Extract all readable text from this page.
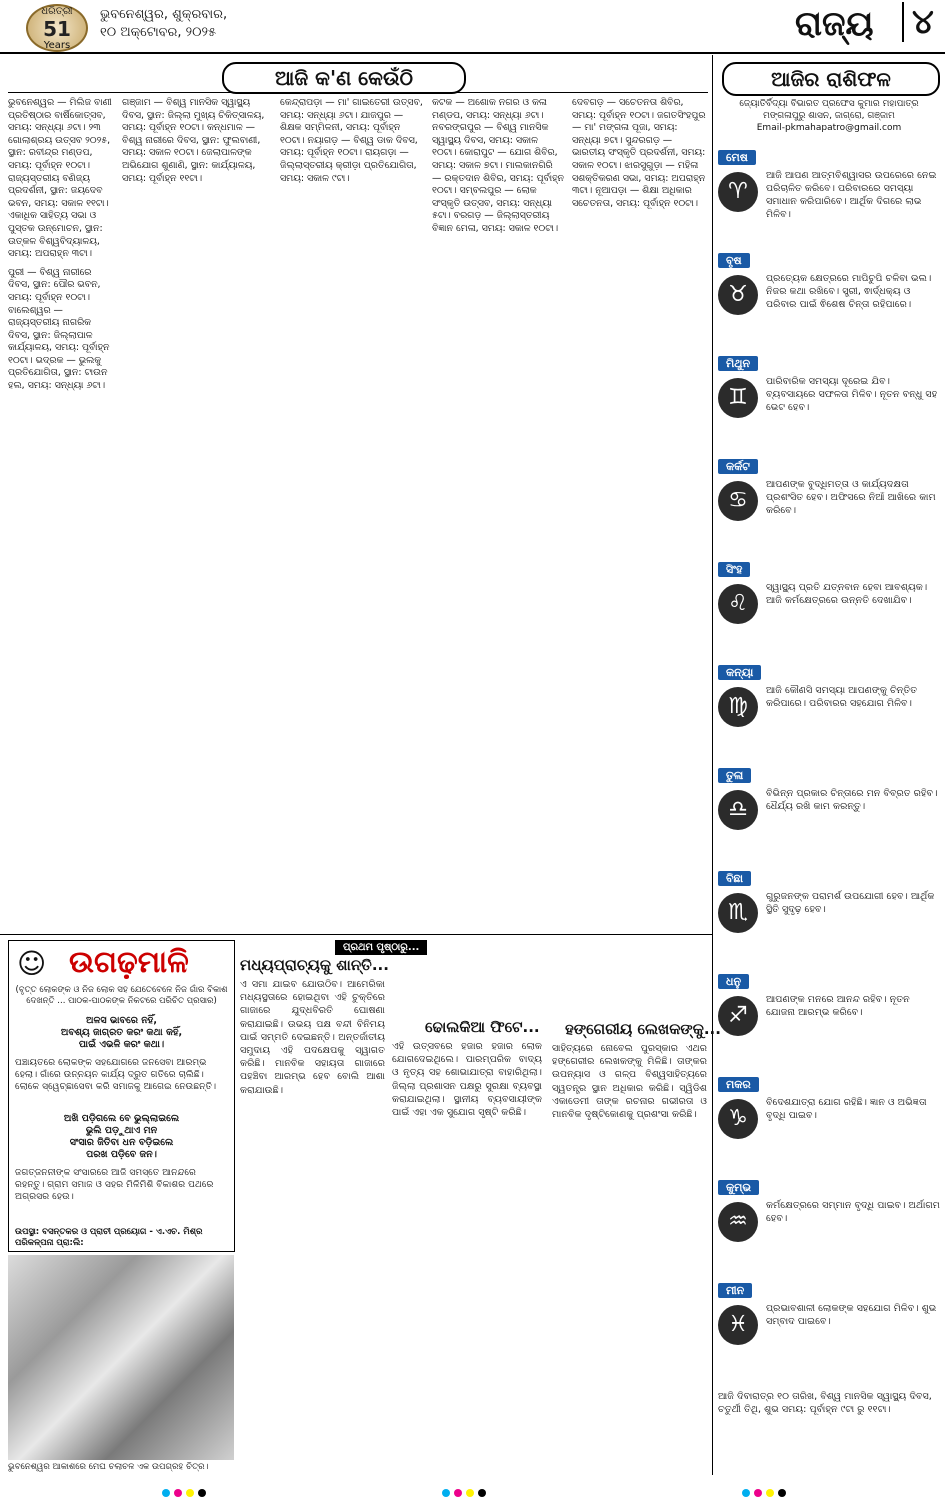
ଧରିତ୍ରୀ
51
Years
ଭୁବନେଶ୍ୱର, ଶୁକ୍ରବାର,
୧୦ ଅକ୍ଟୋବର, ୨୦୨୫	ରାଜ୍ୟ ୪
ଆଜି କ'ଣ କେଉଁଠି

ଭୁବନେଶ୍ୱର — ମିଲିଜ ବାଣୀ ପ୍ରତିଷ୍ଠାର ବାର୍ଷିକୋତ୍ସବ, ସମୟ: ସନ୍ଧ୍ୟା ୬ଟା। ୨୩ ଗୋଲାଶ୍ରୟ ଉତ୍ସବ ୨୦୨୫, ସ୍ଥାନ: ରବୀନ୍ଦ୍ର ମଣ୍ଡପ, ସମୟ: ପୂର୍ବାହ୍ନ ୧୦ଟା। ରାଜ୍ୟସ୍ତରୀୟ ବଣିଜ୍ୟ ପ୍ରଦର୍ଶନୀ, ସ୍ଥାନ: ଜୟଦେବ ଭବନ, ସମୟ: ସକାଳ ୧୧ଟା। ଏକାଧିକ ସାହିତ୍ୟ ସଭା ଓ ପୁସ୍ତକ ଉନ୍ମୋଚନ, ସ୍ଥାନ: ଉତ୍କଳ ବିଶ୍ୱବିଦ୍ୟାଳୟ, ସମୟ: ଅପରାହ୍ନ ୩ଟା।

ପୁରୀ — ବିଶ୍ୱ ନାରୀରେ ଦିବସ, ସ୍ଥାନ: ପୌର ଭବନ, ସମୟ: ପୂର୍ବାହ୍ନ ୧୦ଟା। ବାଲେଶ୍ୱର — ରାଜ୍ୟସ୍ତରୀୟ ନାଗରିକ ଦିବସ, ସ୍ଥାନ: ଜିଲ୍ଲାପାଳ କାର୍ଯ୍ୟାଳୟ, ସମୟ: ପୂର୍ବାହ୍ନ ୧୦ଟା। ଭଦ୍ରକ — ଭୁଲକୁ ପ୍ରତିଯୋଗିତା, ସ୍ଥାନ: ଟାଉନ ହଲ, ସମୟ: ସନ୍ଧ୍ୟା ୬ଟା।

ଗଞ୍ଜାମ — ବିଶ୍ୱ ମାନସିକ ସ୍ୱାସ୍ଥ୍ୟ ଦିବସ, ସ୍ଥାନ: ଜିଲ୍ଲା ମୁଖ୍ୟ ଚିକିତ୍ସାଳୟ, ସମୟ: ପୂର୍ବାହ୍ନ ୧୦ଟା। କନ୍ଧମାଳ — ବିଶ୍ୱ ନାରୀରେ ଦିବସ, ସ୍ଥାନ: ଫୁଲବାଣୀ, ସମୟ: ସକାଳ ୧୦ଟା। ଜେଲାପାଳଙ୍କ ଅଭିଯୋଗ ଶୁଣାଣି, ସ୍ଥାନ: କାର୍ଯ୍ୟାଳୟ, ସମୟ: ପୂର୍ବାହ୍ନ ୧୧ଟା।

କେନ୍ଦ୍ରାପଡ଼ା — ମା' ଗାଇତେରୀ ଉତ୍ସବ, ସମୟ: ସନ୍ଧ୍ୟା ୬ଟା। ଯାଜପୁର — ଶିକ୍ଷକ ସମ୍ମିଳନୀ, ସମୟ: ପୂର୍ବାହ୍ନ ୧୦ଟା। ନୟାଗଡ଼ — ବିଶ୍ୱ ଡାକ ଦିବସ, ସମୟ: ପୂର୍ବାହ୍ନ ୧୦ଟା। ରାୟଗଡ଼ା — ଜିଲ୍ଲାସ୍ତରୀୟ କ୍ରୀଡ଼ା ପ୍ରତିଯୋଗିତା, ସମୟ: ସକାଳ ୯ଟା।

କଟକ — ଅଶୋକ ନଗର ଓ କଳା ମଣ୍ଡପ, ସମୟ: ସନ୍ଧ୍ୟା ୬ଟା। ନବରଙ୍ଗପୁର — ବିଶ୍ୱ ମାନସିକ ସ୍ୱାସ୍ଥ୍ୟ ଦିବସ, ସମୟ: ସକାଳ ୧୦ଟା। କୋରାପୁଟ — ଯୋଗ ଶିବିର, ସମୟ: ସକାଳ ୭ଟା। ମାଲକାନଗିରି — ରକ୍ତଦାନ ଶିବିର, ସମୟ: ପୂର୍ବାହ୍ନ ୧୦ଟା। ସମ୍ବଲପୁର — ଲୋକ ସଂସ୍କୃତି ଉତ୍ସବ, ସମୟ: ସନ୍ଧ୍ୟା ୫ଟା। ବରଗଡ଼ — ଜିଲ୍ଲାସ୍ତରୀୟ ବିଜ୍ଞାନ ମେଳା, ସମୟ: ସକାଳ ୧୦ଟା।

ଦେବଗଡ଼ — ସଚେତନତା ଶିବିର, ସମୟ: ପୂର୍ବାହ୍ନ ୧୦ଟା। ଜଗତସିଂହପୁର — ମା' ମଙ୍ଗଳା ପୂଜା, ସମୟ: ସନ୍ଧ୍ୟା ୭ଟା। ସୁନ୍ଦରଗଡ଼ — ଭାରତୀୟ ସଂସ୍କୃତି ପ୍ରଦର୍ଶନୀ, ସମୟ: ସକାଳ ୧୦ଟା। ଝାରସୁଗୁଡ଼ା — ମହିଳା ସଶକ୍ତିକରଣ ସଭା, ସମୟ: ଅପରାହ୍ନ ୩ଟା। ନୂଆପଡ଼ା — ଶିକ୍ଷା ଅଧିକାର ସଚେତନତା, ସମୟ: ପୂର୍ବାହ୍ନ ୧୦ଟା।

ଆଜିର ରାଶିଫଳ
ଜ୍ୟୋତିର୍ବିଦ୍ୟା ବିଭାରତ ପ୍ରଫେସ କୁମାର ମହାପାତ୍ର
ମଙ୍ଗଳାପୁରୁ ଶାସନ, ଜାଗ୍ରୋ, ଗଞ୍ଜାମ
Email-pkmahapatro@gmail.com
ମେଷ
♈
ଆଜି ଆପଣ ଆତ୍ମବିଶ୍ୱାସର ଉପରେରେ ନେଇ ପରିଚାଳିତ କରିବେ। ପରିବାରରେ ସମସ୍ୟା ସମାଧାନ କରିପାରିବେ। ଆର୍ଥିକ ଦିଗରେ ଲାଭ ମିଳିବ।
ବୃଷ
♉
ପ୍ରତ୍ୟେକ କ୍ଷେତ୍ରରେ ମାପିଚୁପି ଚଳିବା ଭଲ। ନିଜର କଥା ରଖିବେ। ସ୍ତ୍ରୀ, ଵାର୍ଦ୍ଧକ୍ୟ ଓ ପରିବାର ପାଇଁ ଵିଶେଷ ଚିନ୍ତା ରହିପାରେ।
ମିଥୁନ
♊
ପାରିବାରିକ ସମସ୍ୟା ଦୂରେଇ ଯିବ। ବ୍ୟବସାୟରେ ସଫଳତା ମିଳିବ। ନୂତନ ବନ୍ଧୁ ସହ ଭେଟ ହେବ।
କର୍କଟ
♋
ଆପଣଙ୍କ ବୁଦ୍ଧିମତ୍ତା ଓ କାର୍ଯ୍ୟଦକ୍ଷତା ପ୍ରଶଂସିତ ହେବ। ଅଫିସରେ ନିଆଁ ଆଖିରେ କାମ କରିବେ।
ସିଂହ
♌
ସ୍ୱାସ୍ଥ୍ୟ ପ୍ରତି ଯତ୍ନବାନ ହେବା ଆବଶ୍ୟକ। ଆଜି କର୍ମକ୍ଷେତ୍ରରେ ଉନ୍ନତି ଦେଖାଯିବ।
କନ୍ୟା
♍
ଆଜି କୌଣସି ସମସ୍ୟା ଆପଣଙ୍କୁ ଚିନ୍ତିତ କରିପାରେ। ପରିବାରର ସହଯୋଗ ମିଳିବ।
ତୁଳା
♎
ବିଭିନ୍ନ ପ୍ରକାର ଚିନ୍ତାରେ ମନ ବିବ୍ରତ ରହିବ। ଧୈର୍ଯ୍ୟ ରଖି କାମ କରନ୍ତୁ।
ବିଛା
♏
ଗୁରୁଜନଙ୍କ ପରାମର୍ଶ ଉପଯୋଗୀ ହେବ। ଆର୍ଥିକ ସ୍ଥିତି ସୁଦୃଢ଼ ହେବ।
ଧନୁ
♐
ଆପଣଙ୍କ ମନରେ ଆନନ୍ଦ ରହିବ। ନୂତନ ଯୋଜନା ଆରମ୍ଭ କରିବେ।
ମକର
♑
ବିଦେଶଯାତ୍ରା ଯୋଗ ରହିଛି। ଜ୍ଞାନ ଓ ଅଭିଜ୍ଞତା ବୃଦ୍ଧି ପାଇବ।
କୁମ୍ଭ
♒
କର୍ମକ୍ଷେତ୍ରରେ ସମ୍ମାନ ବୃଦ୍ଧି ପାଇବ। ଅର୍ଥାଗମ ହେବ।
ମୀନ
♓
ପ୍ରଭାବଶାଳୀ ଲୋକଙ୍କ ସହଯୋଗ ମିଳିବ। ଶୁଭ ସମ୍ବାଦ ପାଇବେ।
ଆଜି ଦିବାରାତ୍ର ୧୦ ତାରିଖ, ବିଶ୍ୱ ମାନସିକ ସ୍ୱାସ୍ଥ୍ୟ ଦିବସ, ଚତୁର୍ଥୀ ତିଥି, ଶୁଭ ସମୟ: ପୂର୍ବାହ୍ନ ୯ଟା ରୁ ୧୧ଟା।
ଉଗଢ଼ମାଳି
☺
(ବୃତ୍ତ ଲୋକଙ୍କ ଓ ନିଜ ଲୋକ ସହ ଯେତେବେଳେ ନିଜ ଗାଁର ବିକାଶ ଦେଖନ୍ତି ... ପାଠକ-ପାଠକଙ୍କ ନିକଟରେ ପରିଚିତ ପ୍ରସାର)
ଅଳସ ଭାବରେ ନହିଁ,
ଅବଶ୍ୟ ଜାଗ୍ରତ କରଂ କଥା କହିଁ,
ପାଇଁ ଏଭଳି କରଂ କଥା।
ପଞ୍ଚାୟତରେ ଲୋକଙ୍କ ସହଯୋଗରେ ଜନସେବା ଆରମ୍ଭ ହେଲା। ଗାଁରେ ଉନ୍ନୟନ କାର୍ଯ୍ୟ ଦ୍ରୁତ ଗତିରେ ଚାଲିଛି। ଲୋକେ ସ୍ୱେଚ୍ଛାସେବା କରି ସମାଜକୁ ଆଗେଇ ନେଉଛନ୍ତି।
ଅଖି ପଡ଼ିଗଲେ ବେ ଭୁଲ୍ଲାଇଲେ
ଭୁଲି ପଡ଼ୁଥାଏ ମନ
ସଂସାର ଜିତିବା ଧନ ବଡ଼ିଇଲେ
ପରଖ ପଡ଼ିବେ ଜନ।
ଜଗତ୍‌ଜନନୀଙ୍କ ସଂସାରରେ ଆଜି ସମସ୍ତେ ଆନନ୍ଦରେ ରହନ୍ତୁ। ଗ୍ରାମ ସମାଜ ଓ ସହର ମିଳିମିଶି ବିକାଶର ପଥରେ ଅଗ୍ରସର ହେଉ।
ଉପସ୍ଥା: ବସନ୍ତକର ଓ ପ୍ରାଚୀ ପ୍ରୟୋଗ - ଏ.ଏଚ. ମିଶ୍ର ପରିକଳ୍ପନା ପ୍ରା:ଲି:
ଭୁବନେଶ୍ୱର ଆକାଶରେ ମେଘ ଚଲାଚଳ ଏକ ଉପଗ୍ରହ ଚିତ୍ର।
ପ୍ରଥମ ପୃଷ୍ଠାରୁ...
ମଧ୍ୟପ୍ରାଚ୍ୟକୁ ଶାନ୍ତି...
ଏ ସମା ଯାଇବ ଯୋଉଠିବ। ଆମେରିକା ମଧ୍ୟସ୍ଥତାରେ ହୋଇଥିବା ଏହି ଚୁକ୍ତିରେ ଗାଜାରେ ଯୁଦ୍ଧବିରତି ଘୋଷଣା କରାଯାଇଛି। ଉଭୟ ପକ୍ଷ ବନ୍ଦୀ ବିନିମୟ ପାଇଁ ସମ୍ମତି ଦେଇଛନ୍ତି। ଅନ୍ତର୍ଜାତୀୟ ସମୁଦାୟ ଏହି ପଦକ୍ଷେପକୁ ସ୍ୱାଗତ କରିଛି। ମାନବିକ ସହାୟତା ଗାଜାରେ ପହଞ୍ଚିବା ଆରମ୍ଭ ହେବ ବୋଲି ଆଶା କରାଯାଉଛି।
ଢୋଲକିଆ ଫିଟେ...
ଏହି ଉତ୍ସବରେ ହଜାର ହଜାର ଲୋକ ଯୋଗଦେଇଥିଲେ। ପାରମ୍ପରିକ ବାଦ୍ୟ ଓ ନୃତ୍ୟ ସହ ଶୋଭାଯାତ୍ରା ବାହାରିଥିଲା। ଜିଲ୍ଲା ପ୍ରଶାସନ ପକ୍ଷରୁ ସୁରକ୍ଷା ବ୍ୟବସ୍ଥା କରାଯାଇଥିଲା। ସ୍ଥାନୀୟ ବ୍ୟବସାୟୀଙ୍କ ପାଇଁ ଏହା ଏକ ସୁଯୋଗ ସୃଷ୍ଟି କରିଛି।
ହଙ୍ଗେରୀୟ ଲେଖକଙ୍କୁ...
ସାହିତ୍ୟରେ ନୋବେଲ ପୁରସ୍କାର ଏଥର ହଙ୍ଗେରୀର ଲେଖକଙ୍କୁ ମିଳିଛି। ତାଙ୍କର ଉପନ୍ୟାସ ଓ ଗଳ୍ପ ବିଶ୍ୱସାହିତ୍ୟରେ ସ୍ୱତନ୍ତ୍ର ସ୍ଥାନ ଅଧିକାର କରିଛି। ସ୍ୱିଡିଶ ଏକାଡେମୀ ତାଙ୍କ ରଚନାର ଗଭୀରତା ଓ ମାନବିକ ଦୃଷ୍ଟିକୋଣକୁ ପ୍ରଶଂସା କରିଛି।
